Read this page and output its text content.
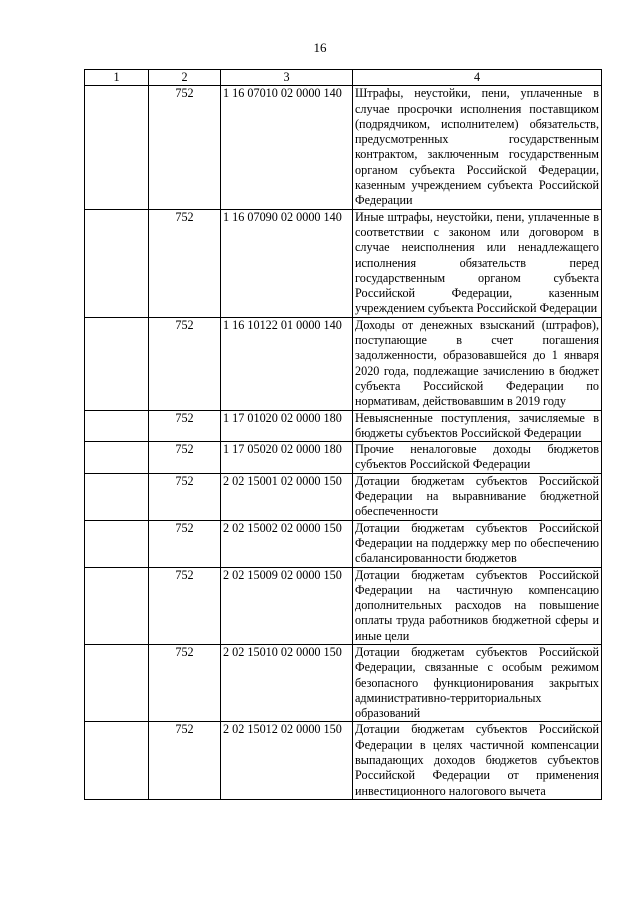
16
1	2	3	4
	752	1 16 07010 02 0000 140	Штрафы, неустойки, пени, уплаченные в случае просрочки исполнения поставщиком (подрядчиком, исполнителем) обязательств, предусмотренных государственным контрактом, заключенным государственным органом субъекта Российской Федерации, казенным учреждением субъекта Российской Федерации
	752	1 16 07090 02 0000 140	Иные штрафы, неустойки, пени, уплаченные в соответствии с законом или договором в случае неисполнения или ненадлежащего исполнения обязательств перед государственным органом субъекта Российской Федерации, казенным учреждением субъекта Российской Федерации
	752	1 16 10122 01 0000 140	Доходы от денежных взысканий (штрафов), поступающие в счет погашения задолженности, образовавшейся до 1 января 2020 года, подлежащие зачислению в бюджет субъекта Российской Федерации по нормативам, действовавшим в 2019 году
	752	1 17 01020 02 0000 180	Невыясненные поступления, зачисляемые в бюджеты субъектов Российской Федерации
	752	1 17 05020 02 0000 180	Прочие неналоговые доходы бюджетов субъектов Российской Федерации
	752	2 02 15001 02 0000 150	Дотации бюджетам субъектов Российской Федерации на выравнивание бюджетной обеспеченности
	752	2 02 15002 02 0000 150	Дотации бюджетам субъектов Российской Федерации на поддержку мер по обеспечению сбалансированности бюджетов
	752	2 02 15009 02 0000 150	Дотации бюджетам субъектов Российской Федерации на частичную компенсацию дополнительных расходов на повышение оплаты труда работников бюджетной сферы и иные цели
	752	2 02 15010 02 0000 150	Дотации бюджетам субъектов Российской Федерации, связанные с особым режимом безопасного функционирования закрытых административно-территориальных образований
	752	2 02 15012 02 0000 150	Дотации бюджетам субъектов Российской Федерации в целях частичной компенсации выпадающих доходов бюджетов субъектов Российской Федерации от применения инвестиционного налогового вычета
